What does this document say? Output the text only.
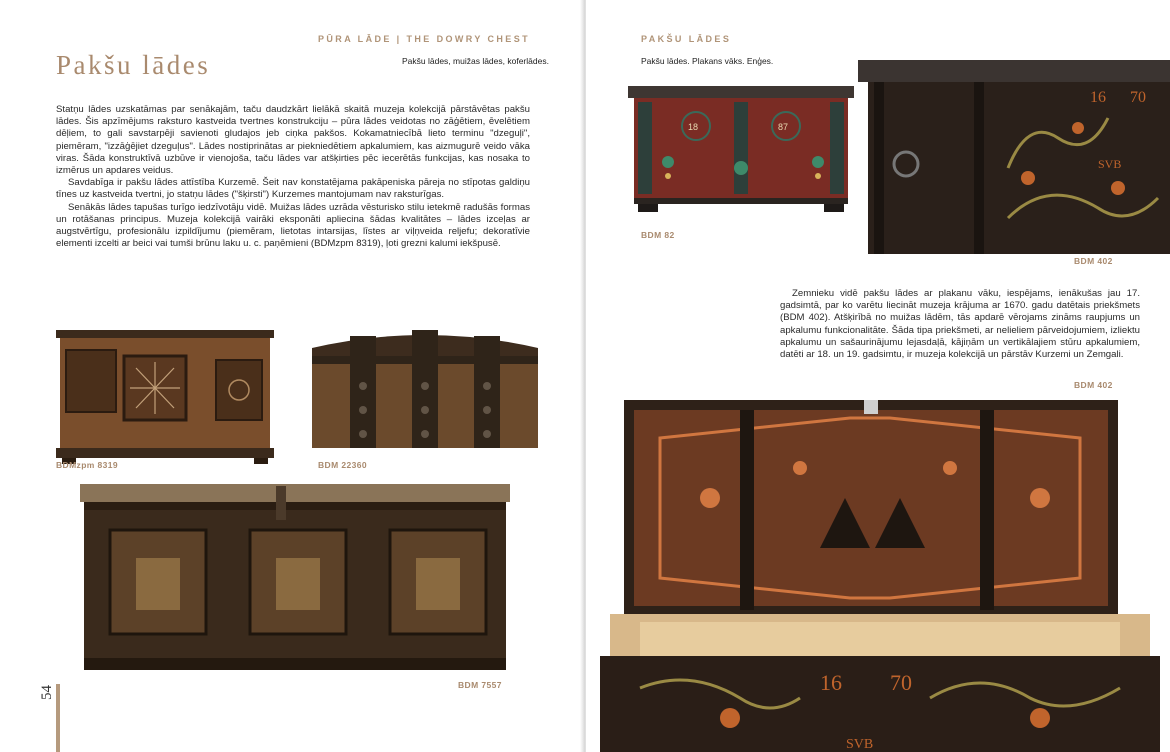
PŪRA LĀDE | THE DOWRY CHEST
Pakšu lādes, muižas lādes, koferlādes.
Pakšu lādes

Statņu lādes uzskatāmas par senākajām, taču daudzkārt lielākā skaitā muzeja kolekcijā pārstāvētas pakšu lādes. Šis apzīmējums raksturo kastveida tvertnes konstrukciju – pūra lādes veidotas no zāģētiem, ēvelētiem dēļiem, to gali savstarpēji savienoti gludajos jeb ciņka pakšos. Kokamatniecībā lieto terminu "dzeguļi", piemēram, "izzāģējiet dzeguļus". Lādes nostiprinātas ar piekniedētiem apkalumiem, kas aizmugurē veido vāka viras. Šāda konstruktīvā uzbūve ir vienojoša, taču lādes var atšķirties pēc iecerētās funkcijas, kas nosaka to izmērus un apdares veidus.

Savdabīga ir pakšu lādes attīstība Kurzemē. Šeit nav konstatējama pakāpeniska pāreja no stīpotas galdiņu tīnes uz kastveida tvertni, jo statņu lādes ("šķirsti") Kurzemes mantojumam nav raksturīgas.

Senākās lādes tapušas turīgo iedzīvotāju vidē. Muižas lādes uzrāda vēsturisko stilu ietekmē radušās formas un rotāšanas principus. Muzeja kolekcijā vairāki eksponāti apliecina šādas kvalitātes – lādes izceļas ar augstvērtīgu, profesionālu izpildījumu (piemēram, lietotas intarsijas, līstes ar viļņveida reljefu; dekoratīvie elementi izcelti ar beici vai tumši brūnu laku u. c. paņēmieni (BDMzpm 8319), ļoti grezni kalumi iekšpusē.

BDMzpm 8319	BDM 22360
BDM 7557
54
PAKŠU LĀDES
Pakšu lādes. Plakans vāks. Enģes.
18	87
BDM 82
16 70
SVB
BDM 402

Zemnieku vidē pakšu lādes ar plakanu vāku, iespējams, ienākušas jau 17. gadsimtā, par ko varētu liecināt muzeja krājuma ar 1670. gadu datētais priekšmets (BDM 402). Atšķirībā no muižas lādēm, tās apdarē vērojams zināms raupjums un apkalumu funkcionalitāte. Šāda tipa priekšmeti, ar nelieliem pārveidojumiem, izliektu apkalumu un sašaurinājumu lejasdaļā, kājiņām un vertikālajiem stūru apkalumiem, datēti ar 18. un 19. gadsimtu, ir muzeja kolekcijā un pārstāv Kurzemi un Zemgali.

BDM 402
16 70
SVB
